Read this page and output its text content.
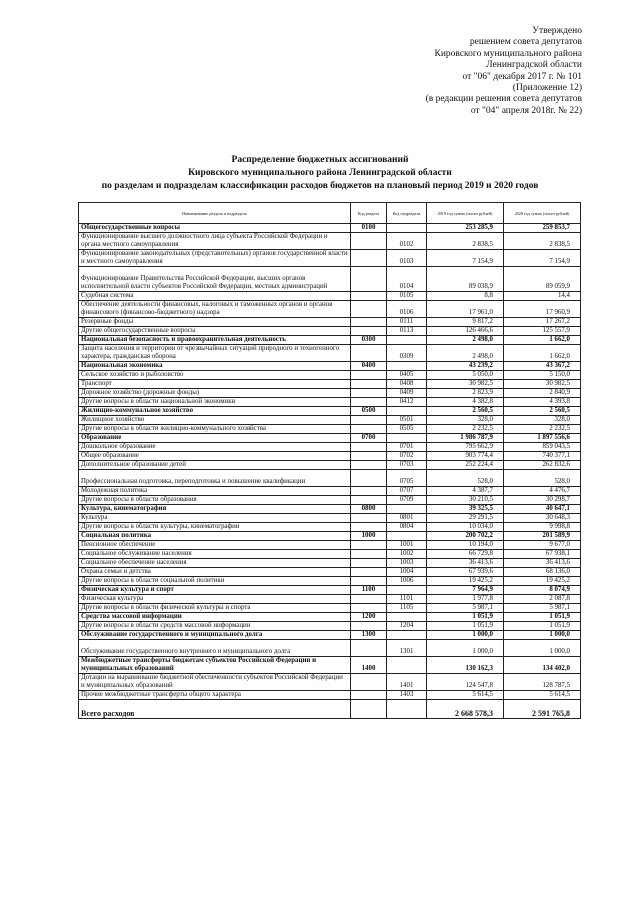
Утверждено
решением совета депутатов
Кировского муниципального района
Ленинградской области
от "06" декабря 2017 г. № 101
(Приложение 12)
(в редакции решения совета депутатов
от "04" апреля 2018г. № 22)
Распределение бюджетных ассигнований
Кировского муниципального района Ленинградской области
по разделам и подразделам классификации расходов бюджетов на плановый период 2019 и 2020 годов
Наименование раздела и подраздела	Код раздела	Код подраздела	2019 год сумма (тысяч рублей)	2020 год сумма (тысяч рублей)
Общегосударственные вопросы	0100		253 285,9	259 853,7
Функционирование высшего должностного лица субъекта Российской Федерации и органа местного самоуправления		0102	2 838,5	2 838,5
Функционирование законодательных (представительных) органов государственной власти и местного самоуправления		0103	7 154,9	7 154,9
Функционирование Правительства Российской Федерации, высших органов исполнительной власти субъектов Российской Федерации, местных администраций		0104	89 038,9	89 059,9
Судебная система		0105	8,8	14,4
Обеспечение деятельности финансовых, налоговых и таможенных органов и органов финансового (финансово-бюджетного) надзора		0106	17 961,0	17 960,9
Резервные фонды		0111	9 817,2	17 267,2
Другие общегосударственные вопросы		0113	126 466,6	125 557,9
Национальная безопасность и правоохранительная деятельность	0300		2 498,0	1 662,0
Защита населения и территории от чрезвычайных ситуаций природного и техногенного характера, гражданская оборона		0309	2 498,0	1 662,0
Национальная экономика	0400		43 239,2	43 367,2
Сельское хозяйство и рыболовство		0405	5 050,0	5 150,0
Транспорт		0408	30 982,5	30 982,5
Дорожное хозяйство (дорожные фонды)		0409	2 823,9	2 840,9
Другие вопросы в области национальной экономики		0412	4 382,8	4 393,8
Жилищно-коммунальное хозяйство	0500		2 560,5	2 560,5
Жилищное хозяйство		0501	328,0	328,0
Другие вопросы в области жилищно-коммунального хозяйства		0505	2 232,5	2 232,5
Образование	0700		1 986 787,9	1 897 556,6
Дошкольное образование		0701	795 662,9	859 043,5
Общее образование		0702	903 774,4	740 377,1
Дополнительное образование детей		0703	252 224,4	262 832,6
Профессиональная подготовка, переподготовка и повышение квалификации		0705	528,0	528,0
Молодежная политика		0707	4 387,7	4 476,7
Другие вопросы в области образования		0709	30 210,5	30 298,7
Культура, кинематография	0800		39 325,5	40 647,1
Культура		0801	29 291,5	30 648,3
Другие вопросы в области культуры, кинематографии		0804	10 034,0	9 998,8
Социальная политика	1000		200 702,2	201 589,9
Пенсионное обеспечение		1001	10 194,0	9 677,0
Социальное обслуживание населения		1002	66 729,8	67 938,1
Социальное обеспечение населения		1003	36 413,6	36 413,6
Охрана семьи и детства		1004	67 939,6	68 136,0
Другие вопросы в области социальной политики		1006	19 425,2	19 425,2
Физическая культура и спорт	1100		7 964,9	8 074,9
Физическая культура		1101	1 977,8	2 087,8
Другие вопросы в области физической культуры и спорта		1105	5 987,1	5 987,1
Средства массовой информации	1200		1 051,9	1 051,9
Другие вопросы в области средств массовой информации		1204	1 051,9	1 051,9
Обслуживание государственного и муниципального долга	1300		1 000,0	1 000,0
Обслуживание государственного внутреннего и муниципального долга		1301	1 000,0	1 000,0
Межбюджетные трансферты бюджетам субъектов Российской Федерации и муниципальных образований	1400		130 162,3	134 402,0
Дотации на выравнивание бюджетной обеспеченности субъектов Российской Федерации и муниципальных образований		1401	124 547,8	128 787,5
Прочие межбюджетные трансферты общего характера		1403	5 614,5	5 614,5
Всего расходов			2 668 578,3	2 591 765,8
